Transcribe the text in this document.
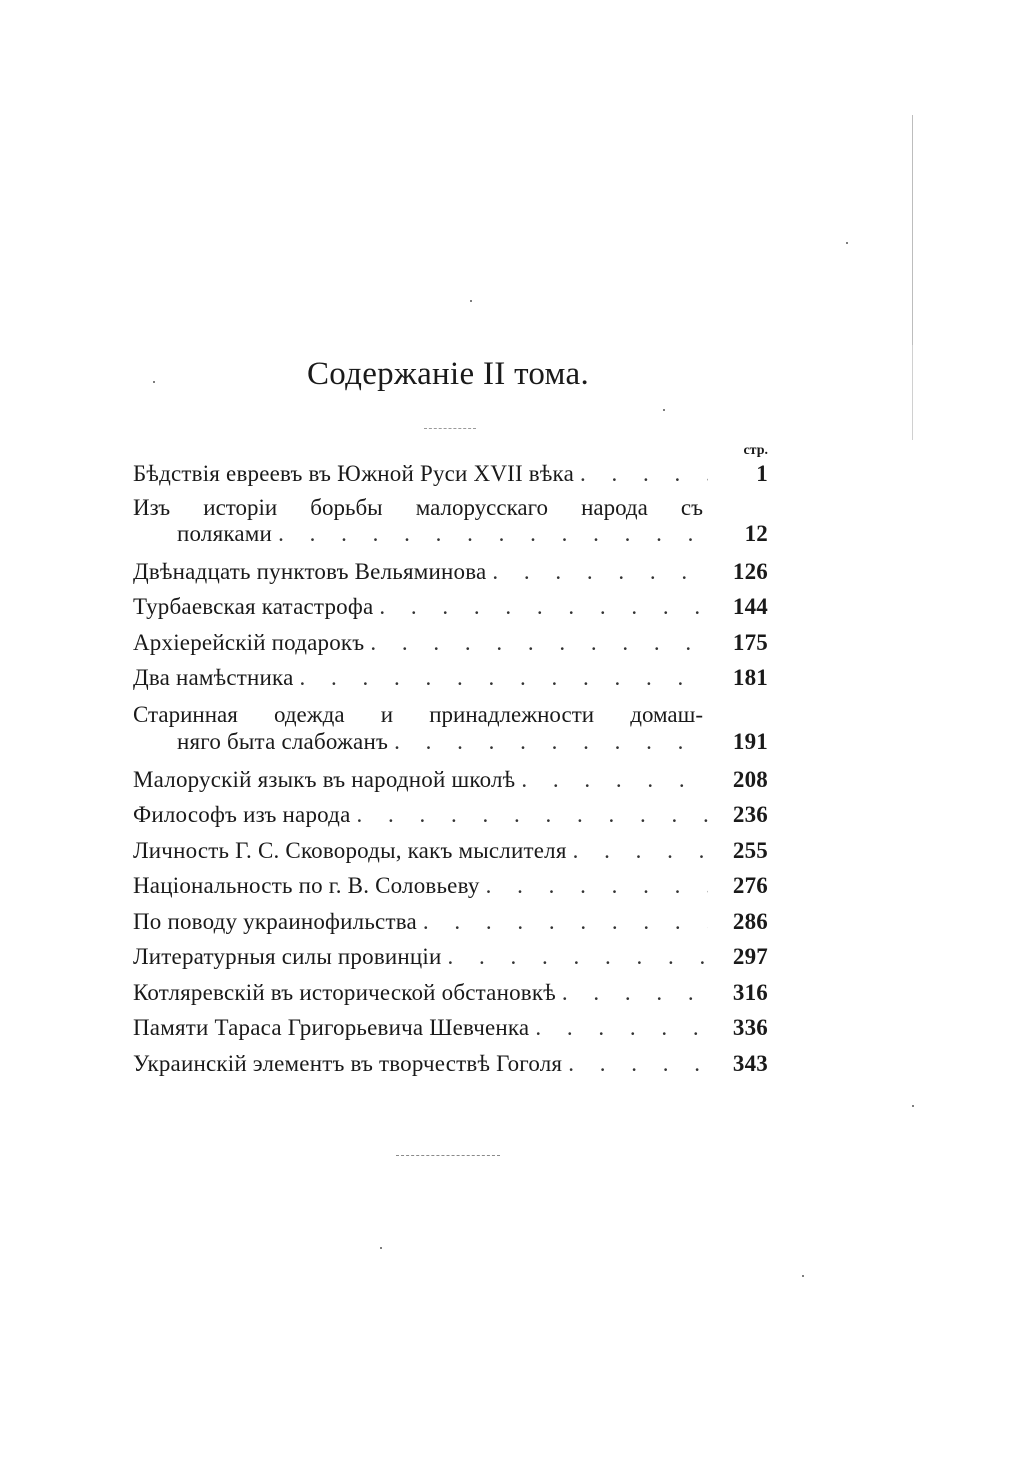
Содержаніе II тома.
стр.
Бѣдствія евреевъ въ Южной Руси XVII вѣка . . .	1
Изъ исторіи борьбы малорусскаго народа съ
поляками . . .	12
Двѣнадцать пунктовъ Вельяминова . . .	126
Турбаевская катастрофа . . .	144
Архіерейскій подарокъ . . .	175
Два намѣстника . . .	181
Старинная одежда и принадлежности домаш-
няго быта слабожанъ . . .	191
Малорускій языкъ въ народной школѣ . . .	208
Философъ изъ народа . . .	236
Личность Г. С. Сковороды, какъ мыслителя . . .	255
Національность по г. В. Соловьеву . . .	276
По поводу украинофильства . . .	286
Литературныя силы провинціи . . .	297
Котляревскій въ исторической обстановкѣ . . .	316
Памяти Тараса Григорьевича Шевченка . . .	336
Украинскій элементъ въ творчествѣ Гоголя . . .	343
